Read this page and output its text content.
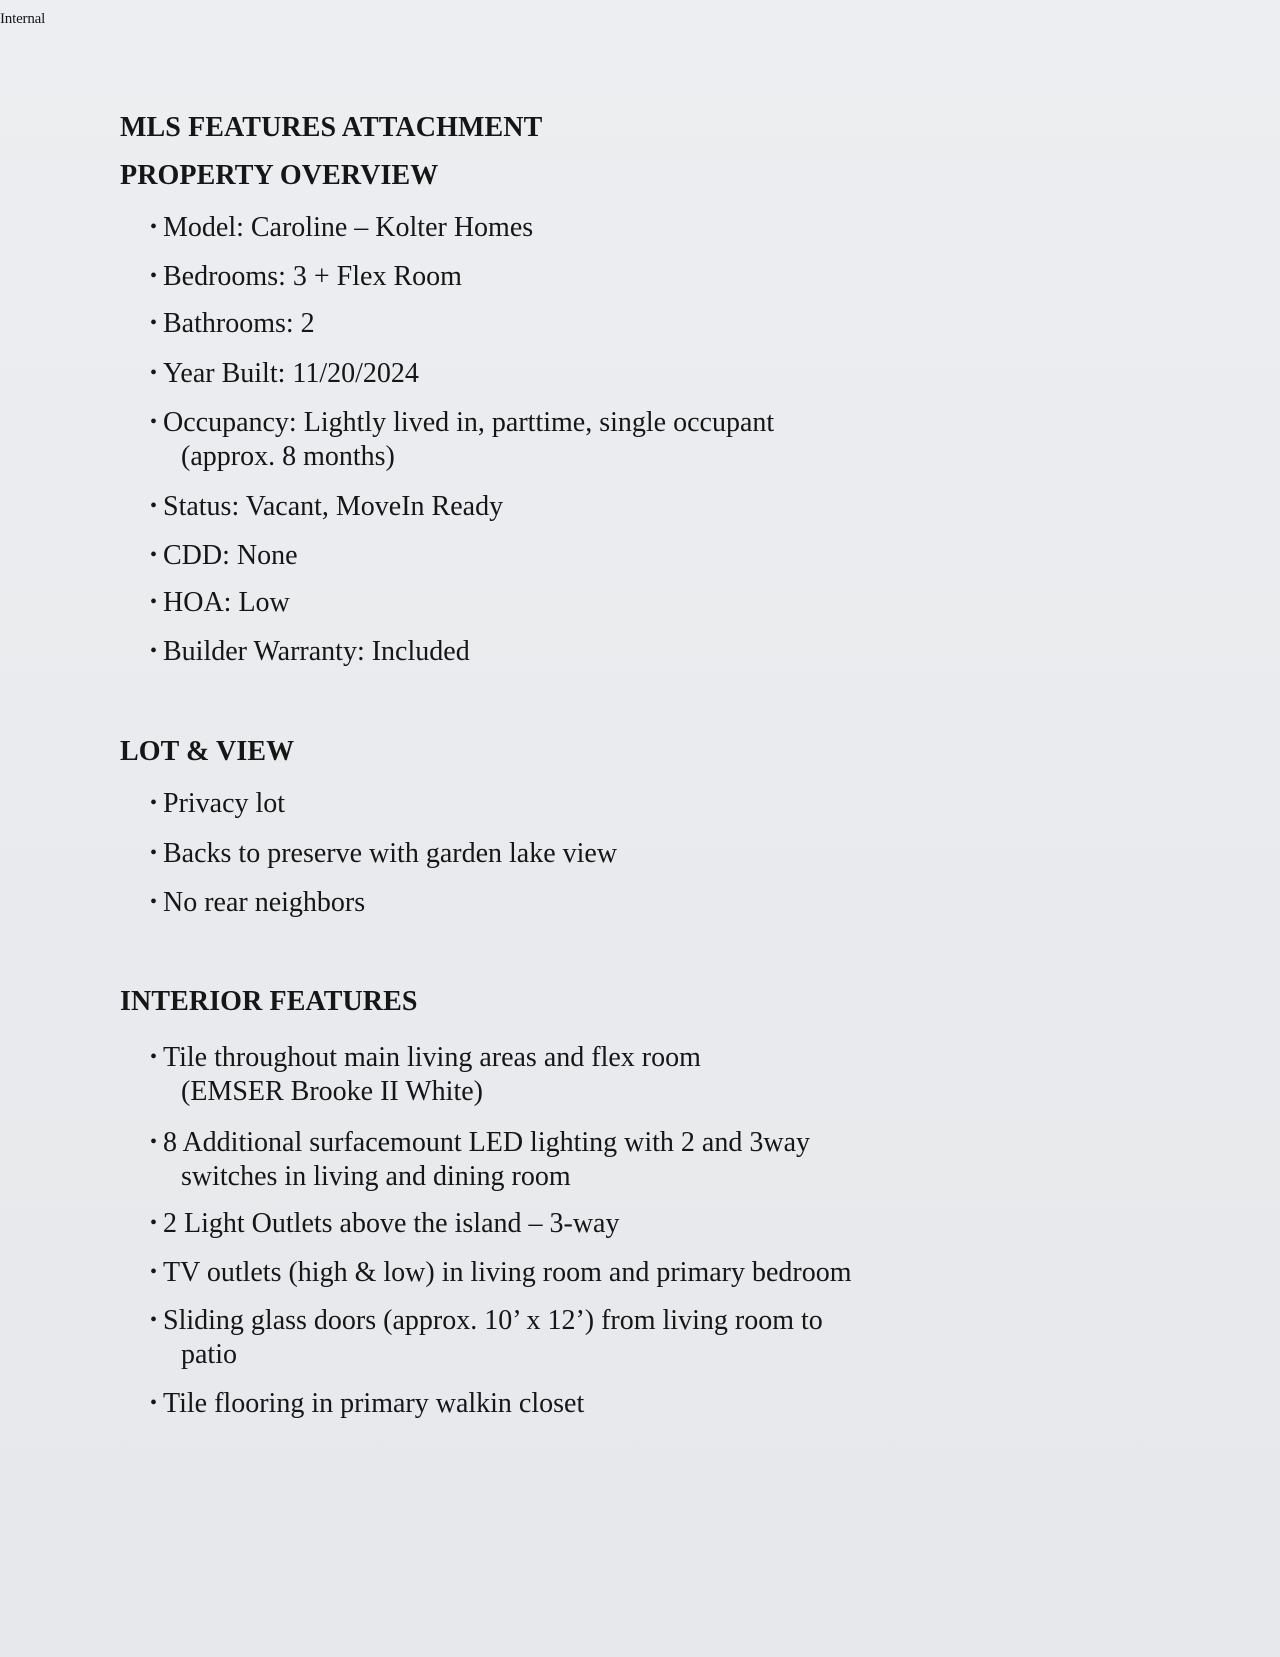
Internal
MLS FEATURES ATTACHMENT
PROPERTY OVERVIEW
• Model: Caroline – Kolter Homes
• Bedrooms: 3 + Flex Room
• Bathrooms: 2
• Year Built: 11/20/2024
• Occupancy: Lightly lived in, parttime, single occupant
(approx. 8 months)
• Status: Vacant, MoveIn Ready
• CDD: None
• HOA: Low
• Builder Warranty: Included
LOT & VIEW
• Privacy lot
• Backs to preserve with garden lake view
• No rear neighbors
INTERIOR FEATURES
• Tile throughout main living areas and flex room
(EMSER Brooke II White)
• 8 Additional surfacemount LED lighting with 2 and 3way
switches in living and dining room
• 2 Light Outlets above the island – 3-way
• TV outlets (high & low) in living room and primary bedroom
• Sliding glass doors (approx. 10’ x 12’) from living room to
patio
• Tile flooring in primary walkin closet
